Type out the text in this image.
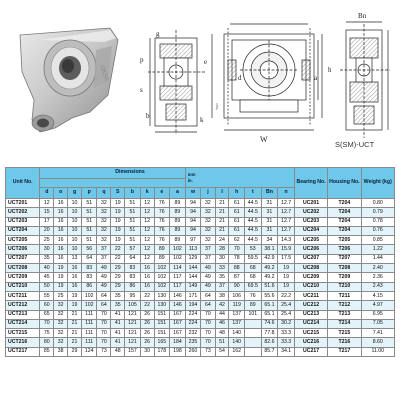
SBSS
g
p
s
b	k
e
j
W
a
d
h
Bn
S(SM)-UCT
Unit No.	Dimensions										mm
in.							Bearing No.	Housing No.	Weight (kg)

	d	o	g	p	q	S	b	k	e	a	w	j	l	h	t	Bn	n			
UCT201	12	16	10	51	32	19	51	12	76	89	94	32	21	61	44.5	31	12.7	UC201	T204	0.80
UCT202	15	16	10	51	32	19	51	12	76	89	94	32	21	61	44.5	31	12.7	UC202	T204	0.79
UCT203	17	16	10	51	32	19	51	12	76	89	94	32	21	61	44.5	31	12.7	UC203	T204	0.78
UCT204	20	16	10	51	32	19	51	12	76	89	94	32	21	61	44.5	31	12.7	UC204	T204	0.76
UCT205	25	16	10	51	32	19	51	12	76	89	97	32	24	62	44.5	34	14.3	UC205	T205	0.85
UCT206	30	16	10	56	37	22	57	12	89	102	113	37	28	70	53	38.1	15.9	UC206	T206	1.22
UCT207	35	16	13	64	37	22	64	12	89	102	129	37	30	78	59.5	42.9	17.5	UC207	T207	1.44
UCT208	40	19	16	83	49	29	83	16	102	114	144	49	33	88	68	49.2	19	UC208	T208	2.40
UCT209	45	19	16	83	49	29	83	16	102	117	144	49	35	87	68	49.2	19	UC209	T209	2.36
UCT210	50	19	16	86	49	29	86	16	102	117	149	49	37	90	69.5	51.6	19	UC210	T210	2.43
UCT211	55	25	19	102	64	35	95	22	130	146	171	64	38	106	76	55.6	22.2	UC211	T211	4.15
UCT212	60	32	19	102	64	35	105	22	130	146	194	64	42	119	89	65.1	25.4	UC212	T212	4.97
UCT213	65	32	21	111	70	41	121	26	151	167	224	70	44	137	101	65.1	25.4	UC213	T213	6.95
UCT214	70	32	21	111	70	41	121	26	151	167	224	70	46	137		74.6	30.2	UC214	T214	7.05
UCT215	75	32	21	111	70	41	121	26	151	167	232	70	48	140		77.8	33.3	UC215	T215	7.41
UCT216	80	32	21	111	70	41	121	26	165	184	235	70	51	140		82.6	33.3	UC216	T216	8.60
UCT217	85	38	29	124	73	48	157	30	178	198	260	73	54	162		85.7	34.1	UC217	T217	11.00
